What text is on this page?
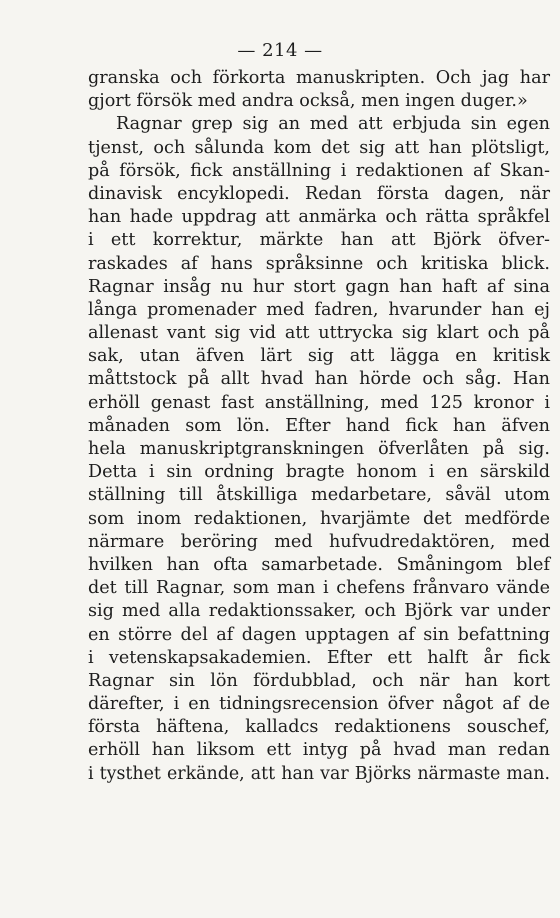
— 214 —
granska och förkorta manuskripten. Och jag har
gjort försök med andra också, men ingen duger.»
Ragnar grep sig an med att erbjuda sin egen
tjenst, och sålunda kom det sig att han plötsligt,
på försök, fick anställning i redaktionen af Skan-
dinavisk encyklopedi. Redan första dagen, när
han hade uppdrag att anmärka och rätta språkfel
i ett korrektur, märkte han att Björk öfver-
raskades af hans språksinne och kritiska blick.
Ragnar insåg nu hur stort gagn han haft af sina
långa promenader med fadren, hvarunder han ej
allenast vant sig vid att uttrycka sig klart och på
sak, utan äfven lärt sig att lägga en kritisk
måttstock på allt hvad han hörde och såg. Han
erhöll genast fast anställning, med 125 kronor i
månaden som lön. Efter hand fick han äfven
hela manuskriptgranskningen öfverlåten på sig.
Detta i sin ordning bragte honom i en särskild
ställning till åtskilliga medarbetare, såväl utom
som inom redaktionen, hvarjämte det medförde
närmare beröring med hufvudredaktören, med
hvilken han ofta samarbetade. Småningom blef
det till Ragnar, som man i chefens frånvaro vände
sig med alla redaktionssaker, och Björk var under
en större del af dagen upptagen af sin befattning
i vetenskapsakademien. Efter ett halft år fick
Ragnar sin lön fördubblad, och när han kort
därefter, i en tidningsrecension öfver något af de
första häftena, kalladcs redaktionens souschef,
erhöll han liksom ett intyg på hvad man redan
i tysthet erkände, att han var Björks närmaste man.
